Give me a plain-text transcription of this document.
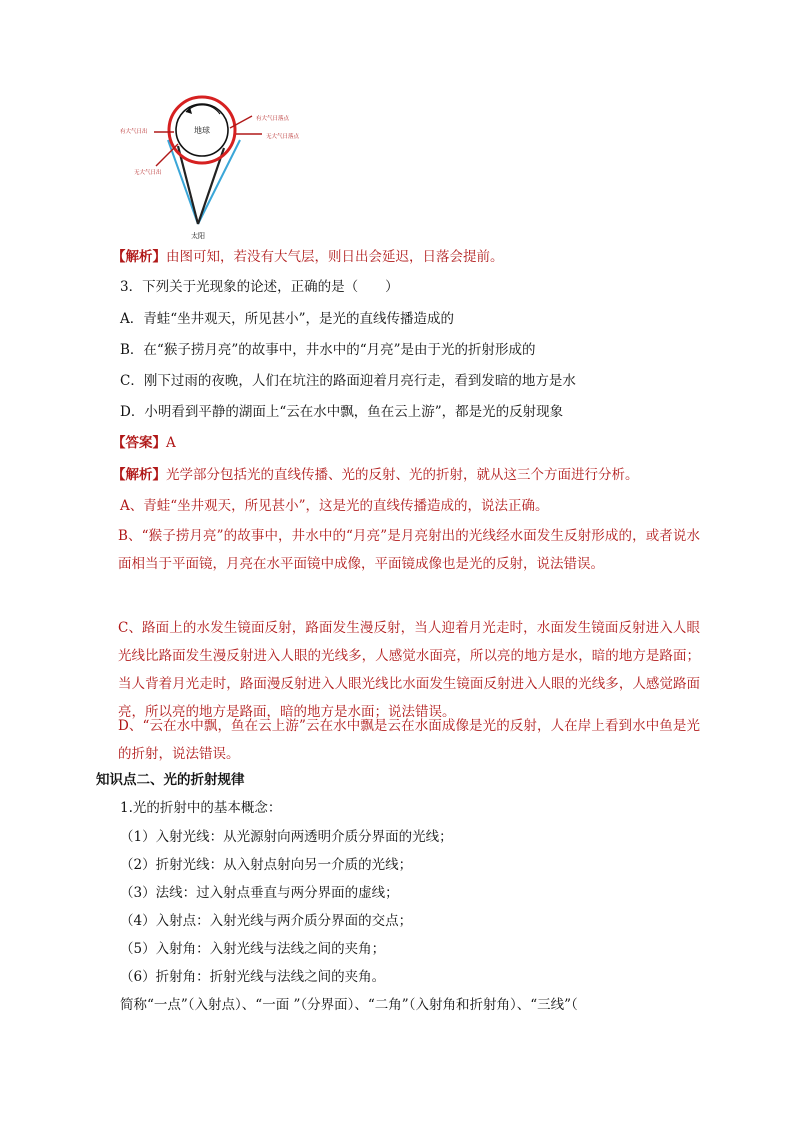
地球
有大气日落点
无大气日落点
有大气日出
无大气日出
太阳
【解析】由图可知，若没有大气层，则日出会延迟，日落会提前。
3．下列关于光现象的论述，正确的是（　　）
A．青蛙“坐井观天，所见甚小”，是光的直线传播造成的
B．在“猴子捞月亮”的故事中，井水中的“月亮”是由于光的折射形成的
C．刚下过雨的夜晚，人们在坑注的路面迎着月亮行走，看到发暗的地方是水
D．小明看到平静的湖面上“云在水中飘，鱼在云上游”，都是光的反射现象
【答案】A
【解析】光学部分包括光的直线传播、光的反射、光的折射，就从这三个方面进行分析。
A、青蛙“坐井观天，所见甚小”，这是光的直线传播造成的，说法正确。
B、“猴子捞月亮”的故事中，井水中的“月亮”是月亮射出的光线经水面发生反射形成的，或者说水面相当于平面镜，月亮在水平面镜中成像，平面镜成像也是光的反射，说法错误。
C、路面上的水发生镜面反射，路面发生漫反射，当人迎着月光走时，水面发生镜面反射进入人眼光线比路面发生漫反射进入人眼的光线多，人感觉水面亮，所以亮的地方是水，暗的地方是路面；当人背着月光走时，路面漫反射进入人眼光线比水面发生镜面反射进入人眼的光线多，人感觉路面亮，所以亮的地方是路面，暗的地方是水面；说法错误。
D、“云在水中飘，鱼在云上游”云在水中飘是云在水面成像是光的反射，人在岸上看到水中鱼是光的折射，说法错误。
知识点二、光的折射规律
1.光的折射中的基本概念：
（1）入射光线：从光源射向两透明介质分界面的光线；
（2）折射光线：从入射点射向另一介质的光线；
（3）法线：过入射点垂直与两分界面的虚线；
（4）入射点：入射光线与两介质分界面的交点；
（5）入射角：入射光线与法线之间的夹角；
（6）折射角：折射光线与法线之间的夹角。
简称“一点”（入射点）、“一面 ”（分界面）、“二角”（入射角和折射角）、“三线”（
